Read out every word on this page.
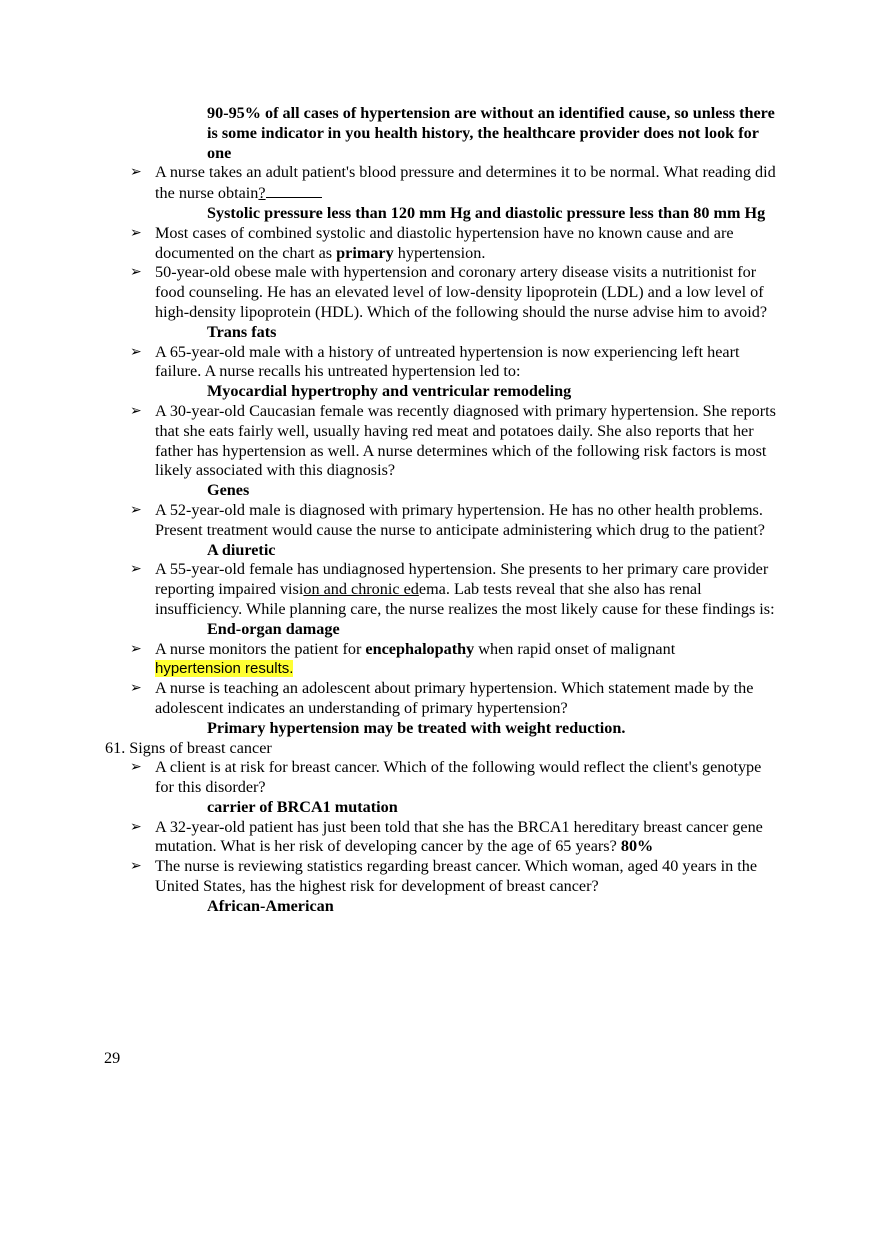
90-95% of all cases of hypertension are without an identified cause, so unless there is some indicator in you health history, the healthcare provider does not look for one
➢ A nurse takes an adult patient's blood pressure and determines it to be normal. What reading did the nurse obtain?
Systolic pressure less than 120 mm Hg and diastolic pressure less than 80 mm Hg
➢ Most cases of combined systolic and diastolic hypertension have no known cause and are documented on the chart as primary hypertension.
➢ 50-year-old obese male with hypertension and coronary artery disease visits a nutritionist for food counseling. He has an elevated level of low-density lipoprotein (LDL) and a low level of high-density lipoprotein (HDL). Which of the following should the nurse advise him to avoid?
Trans fats
➢ A 65-year-old male with a history of untreated hypertension is now experiencing left heart failure. A nurse recalls his untreated hypertension led to:
Myocardial hypertrophy and ventricular remodeling
➢ A 30-year-old Caucasian female was recently diagnosed with primary hypertension. She reports that she eats fairly well, usually having red meat and potatoes daily. She also reports that her father has hypertension as well. A nurse determines which of the following risk factors is most likely associated with this diagnosis?
Genes
➢ A 52-year-old male is diagnosed with primary hypertension. He has no other health problems. Present treatment would cause the nurse to anticipate administering which drug to the patient?
A diuretic
➢ A 55-year-old female has undiagnosed hypertension. She presents to her primary care provider reporting impaired vision and chronic edema. Lab tests reveal that she also has renal insufficiency. While planning care, the nurse realizes the most likely cause for these findings is:
End-organ damage
➢ A nurse monitors the patient for encephalopathy when rapid onset of malignant
hypertension results.
➢ A nurse is teaching an adolescent about primary hypertension. Which statement made by the adolescent indicates an understanding of primary hypertension?
Primary hypertension may be treated with weight reduction.
61. Signs of breast cancer
➢ A client is at risk for breast cancer. Which of the following would reflect the client's genotype for this disorder?
carrier of BRCA1 mutation
➢ A 32-year-old patient has just been told that she has the BRCA1 hereditary breast cancer gene mutation. What is her risk of developing cancer by the age of 65 years? 80%
➢ The nurse is reviewing statistics regarding breast cancer. Which woman, aged 40 years in the United States, has the highest risk for development of breast cancer?
African-American
29
